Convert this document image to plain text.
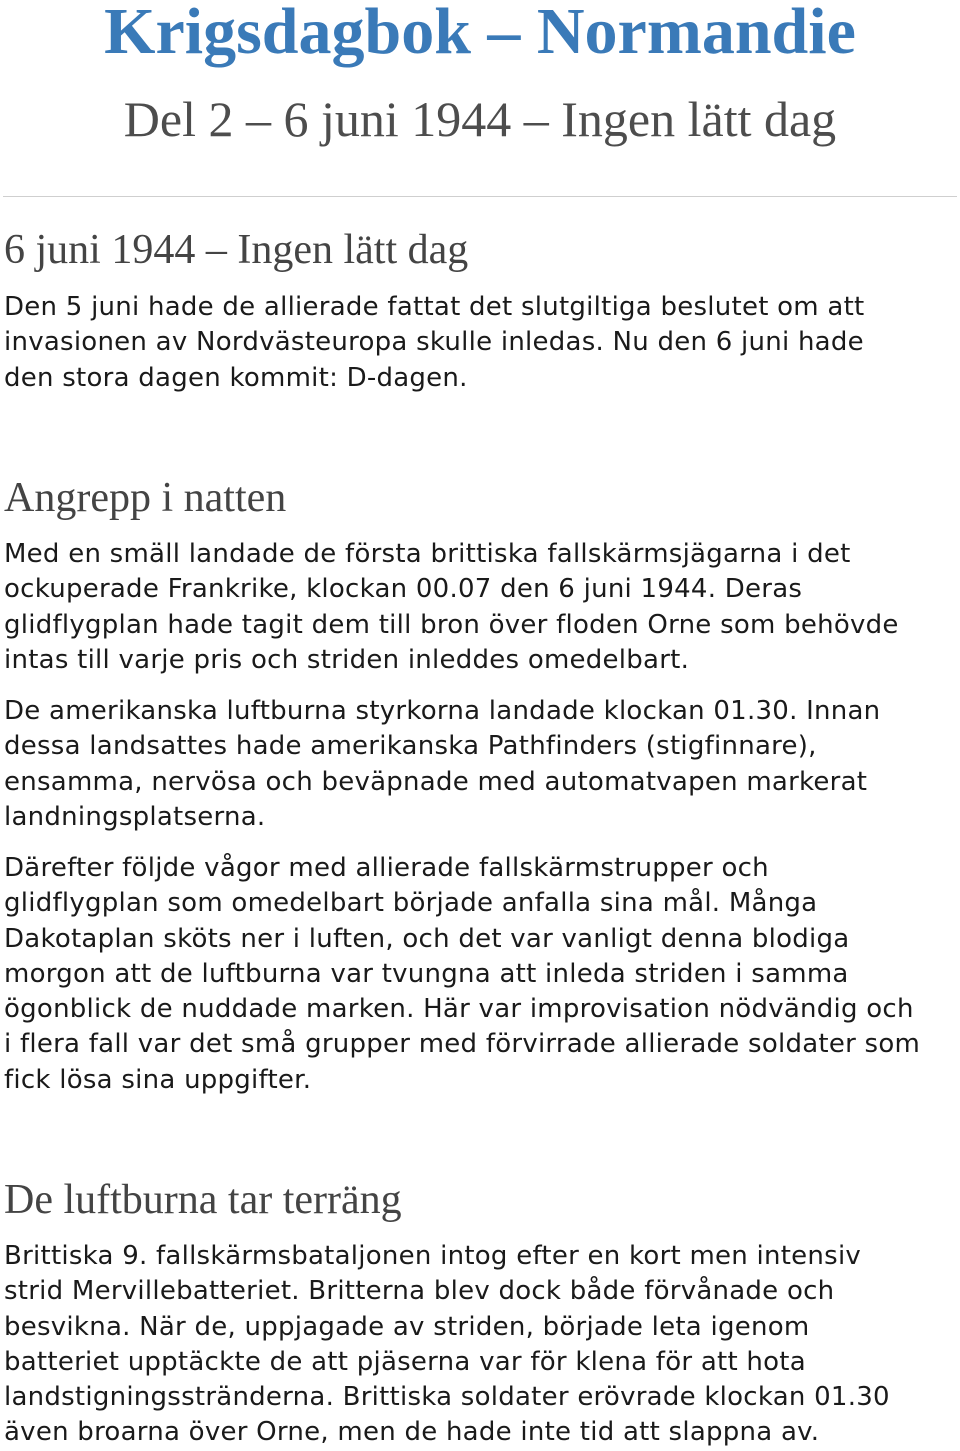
Krigsdagbok – Normandie
Del 2 – 6 juni 1944 – Ingen lätt dag
6 juni 1944 – Ingen lätt dag

Den 5 juni hade de allierade fattat det slutgiltiga beslutet om att
invasionen av Nordvästeuropa skulle inledas. Nu den 6 juni hade
den stora dagen kommit: D-dagen.

Angrepp i natten

Med en smäll landade de första brittiska fallskärmsjägarna i det
ockuperade Frankrike, klockan 00.07 den 6 juni 1944. Deras
glidflygplan hade tagit dem till bron över floden Orne som behövde
intas till varje pris och striden inleddes omedelbart.

De amerikanska luftburna styrkorna landade klockan 01.30. Innan
dessa landsattes hade amerikanska Pathfinders (stigfinnare),
ensamma, nervösa och beväpnade med automatvapen markerat
landningsplatserna.

Därefter följde vågor med allierade fallskärmstrupper och
glidflygplan som omedelbart började anfalla sina mål. Många
Dakotaplan sköts ner i luften, och det var vanligt denna blodiga
morgon att de luftburna var tvungna att inleda striden i samma
ögonblick de nuddade marken. Här var improvisation nödvändig och
i flera fall var det små grupper med förvirrade allierade soldater som
fick lösa sina uppgifter.

De luftburna tar terräng

Brittiska 9. fallskärmsbataljonen intog efter en kort men intensiv
strid Mervillebatteriet. Britterna blev dock både förvånade och
besvikna. När de, uppjagade av striden, började leta igenom
batteriet upptäckte de att pjäserna var för klena för att hota
landstigningsstränderna. Brittiska soldater erövrade klockan 01.30
även broarna över Orne, men de hade inte tid att slappna av.
